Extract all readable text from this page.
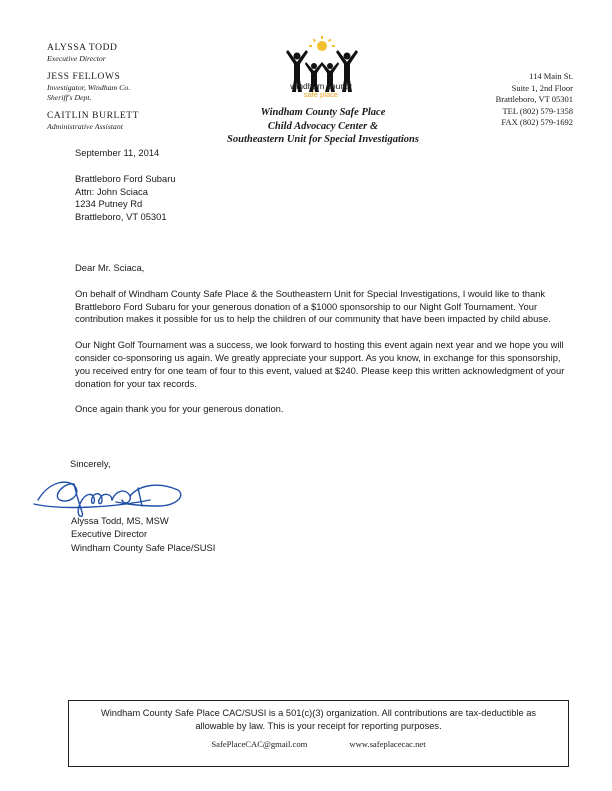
ALYSSA TODD
Executive Director
JESS FELLOWS
Investigator, Windham Co. Sheriff's Dept.
CAITLIN BURLETT
Administrative Assistant
windham county
safe place
Windham County Safe Place
Child Advocacy Center &
Southeastern Unit for Special Investigations
114 Main St.
Suite 1, 2nd Floor
Brattleboro, VT 05301
TEL (802) 579-1358
FAX (802) 579-1692
September 11, 2014
Brattleboro Ford Subaru
Attn: John Sciaca
1234 Putney Rd
Brattleboro, VT 05301
Dear Mr. Sciaca,
On behalf of Windham County Safe Place & the Southeastern Unit for Special Investigations, I would like to thank Brattleboro Ford Subaru for your generous donation of a $1000 sponsorship to our Night Golf Tournament. Your contribution makes it possible for us to help the children of our community that have been impacted by child abuse.
Our Night Golf Tournament was a success, we look forward to hosting this event again next year and we hope you will consider co-sponsoring us again. We greatly appreciate your support. As you know, in exchange for this sponsorship, you received entry for one team of four to this event, valued at $240. Please keep this written acknowledgment of your donation for your tax records.
Once again thank you for your generous donation.
Sincerely,
Alyssa Todd, MS, MSW
Executive Director
Windham County Safe Place/SUSI
Windham County Safe Place CAC/SUSI is a 501(c)(3) organization. All contributions are tax-deductible as allowable by law. This is your receipt for reporting purposes.
SafePlaceCAC@gmail.com	www.safeplacecac.net
